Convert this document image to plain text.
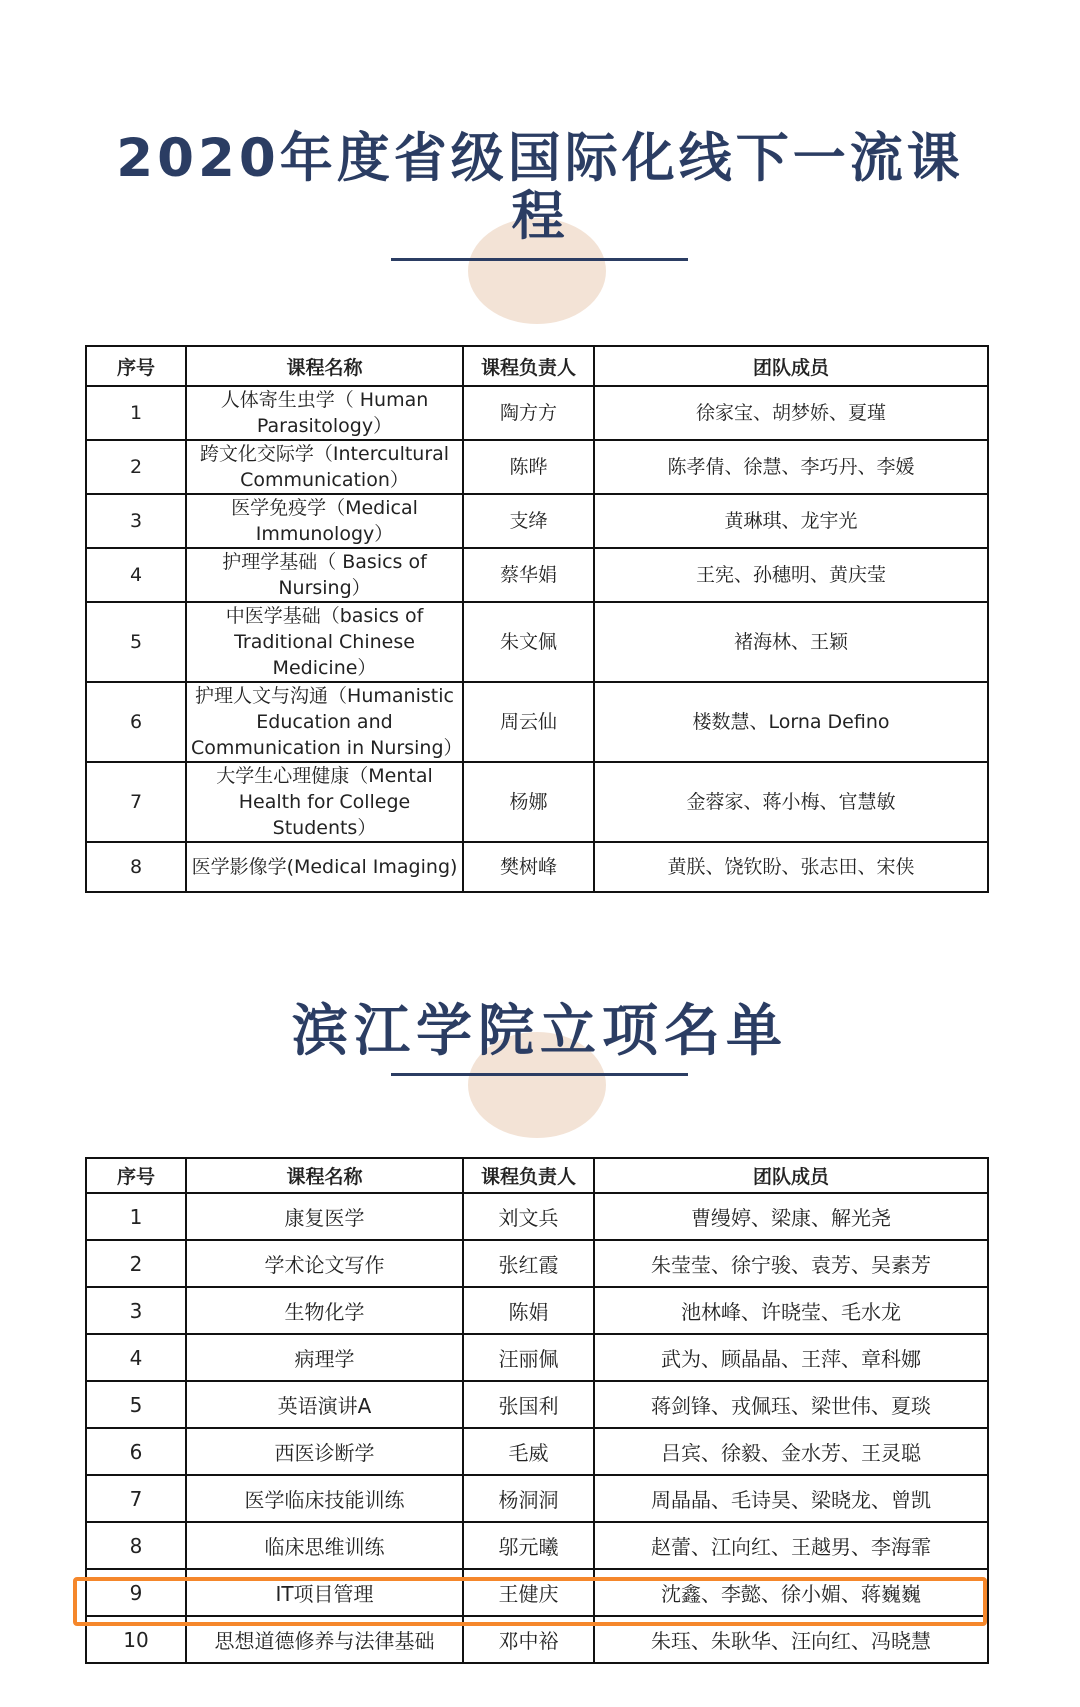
2020年度省级国际化线下一流课程
序号	课程名称	课程负责人	团队成员
1	人体寄生虫学（ Human Parasitology）	陶方方	徐家宝、胡梦娇、夏瑾
2	跨文化交际学（Intercultural Communication）	陈晔	陈孝倩、徐慧、李巧丹、李媛
3	医学免疫学（Medical Immunology）	支绛	黄琳琪、龙宇光
4	护理学基础（ Basics of Nursing）	蔡华娟	王宪、孙穗明、黄庆莹
5	中医学基础（basics of Traditional Chinese Medicine）	朱文佩	褚海林、王颖
6	护理人文与沟通（Humanistic Education and Communication in Nursing）	周云仙	楼数慧、Lorna Defino
7	大学生心理健康（Mental Health for College Students）	杨娜	金蓉家、蒋小梅、官慧敏
8	医学影像学(Medical Imaging)	樊树峰	黄朕、饶钦盼、张志田、宋侠
滨江学院立项名单
序号	课程名称	课程负责人	团队成员
1	康复医学	刘文兵	曹缦婷、梁康、解光尧
2	学术论文写作	张红霞	朱莹莹、徐宁骏、袁芳、吴素芳
3	生物化学	陈娟	池林峰、许晓莹、毛水龙
4	病理学	汪丽佩	武为、顾晶晶、王萍、章科娜
5	英语演讲A	张国利	蒋剑锋、戎佩珏、梁世伟、夏琰
6	西医诊断学	毛威	吕宾、徐毅、金水芳、王灵聪
7	医学临床技能训练	杨洞洞	周晶晶、毛诗昊、梁晓龙、曾凯
8	临床思维训练	邬元曦	赵蕾、江向红、王越男、李海霏
9	IT项目管理	王健庆	沈鑫、李懿、徐小媚、蒋巍巍
10	思想道德修养与法律基础	邓中裕	朱珏、朱耿华、汪向红、冯晓慧
